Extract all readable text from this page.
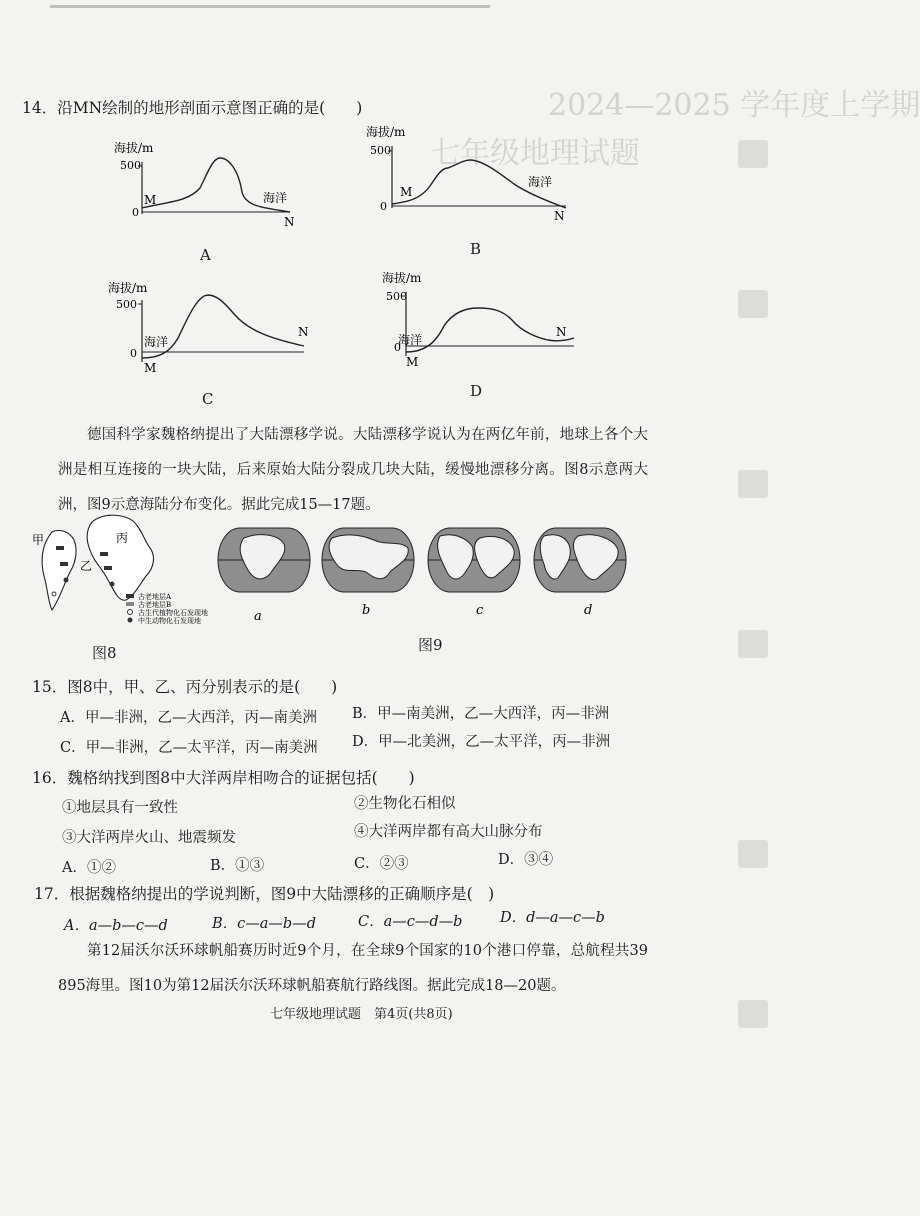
2024—2025 学年度上学期
七年级地理试题
14．沿MN绘制的地形剖面示意图正确的是(　　)
海拔/m
500
0
M	海洋
N
A
海拔/m
500
0
M
海洋
N
B
海拔/m
500
0
海洋
M
N
C
海拔/m
500
0
海洋
M
N
D

德国科学家魏格纳提出了大陆漂移学说。大陆漂移学说认为在两亿年前，地球上各个大洲是相互连接的一块大陆，后来原始大陆分裂成几块大陆，缓慢地漂移分离。图8示意两大洲，图9示意海陆分布变化。据此完成15—17题。

甲
乙
丙
古老地层A
古老地层B
古生代植物化石发现地
中生动物化石发现地
图8
a	b	c	d
图9
15．图8中，甲、乙、丙分别表示的是(　　)
A．甲—非洲，乙—大西洋，丙—南美洲 B．甲—南美洲，乙—大西洋，丙—非洲
C．甲—非洲，乙—太平洋，丙—南美洲 D．甲—北美洲，乙—太平洋，丙—非洲
16．魏格纳找到图8中大洋两岸相吻合的证据包括(　　)
①地层具有一致性	②生物化石相似
③大洋两岸火山、地震频发	④大洋两岸都有高大山脉分布
A．①②	B．①③	C．②③	D．③④
17．根据魏格纳提出的学说判断，图9中大陆漂移的正确顺序是(　)
A．a—b—c—d	B．c—a—b—d	C．a—c—d—b	D．d—a—c—b

第12届沃尔沃环球帆船赛历时近9个月，在全球9个国家的10个港口停靠，总航程共39 895海里。图10为第12届沃尔沃环球帆船赛航行路线图。据此完成18—20题。

七年级地理试题　第4页(共8页)
